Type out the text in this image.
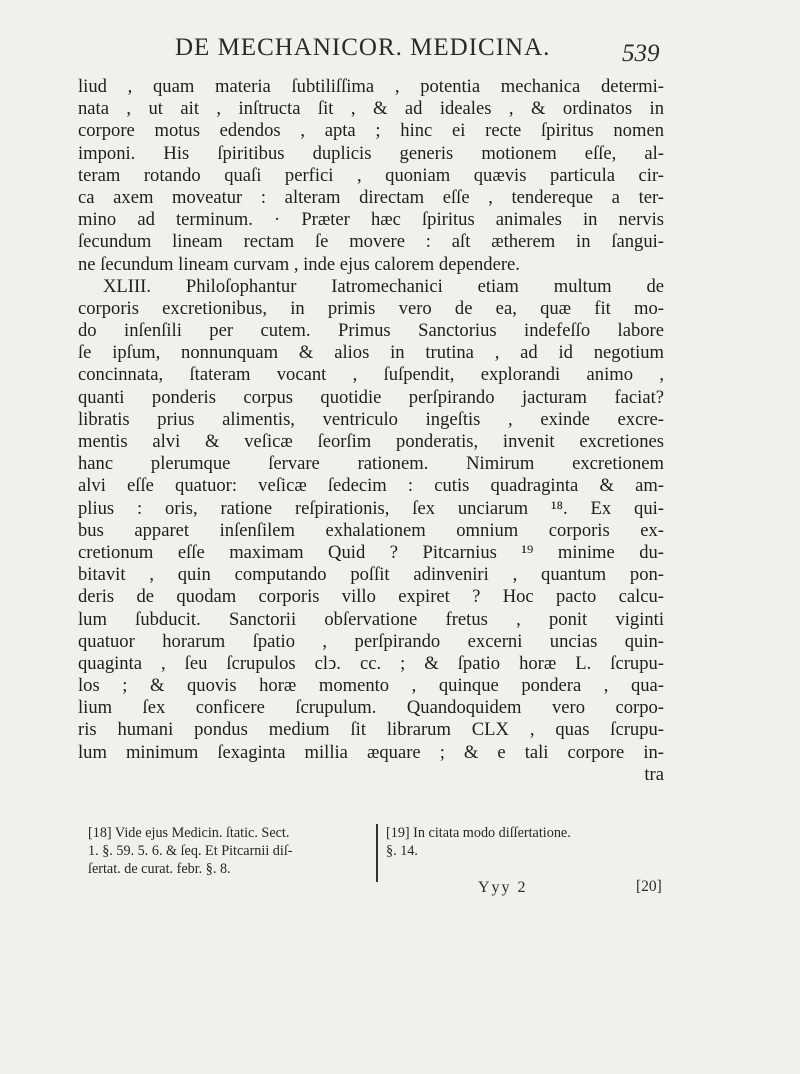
DE MECHANICOR. MEDICINA.	539
liud , quam materia ſubtiliſſima , potentia mechanica determi-
nata , ut ait , inſtructa ſit , & ad ideales , & ordinatos in
corpore motus edendos , apta ; hinc ei recte ſpiritus nomen
imponi. His ſpiritibus duplicis generis motionem eſſe, al-
teram rotando quaſi perfici , quoniam quævis particula cir-
ca axem moveatur : alteram directam eſſe , tendereque a ter-
mino ad terminum. · Præter hæc ſpiritus animales in nervis
ſecundum lineam rectam ſe movere : aſt ætherem in ſangui-
ne ſecundum lineam curvam , inde ejus calorem dependere.
XLIII. Philoſophantur Iatromechanici etiam multum de
corporis excretionibus, in primis vero de ea, quæ fit mo-
do inſenſili per cutem. Primus Sanctorius indefeſſo labore
ſe ipſum, nonnunquam & alios in trutina , ad id negotium
concinnata, ſtateram vocant , ſuſpendit, explorandi animo ,
quanti ponderis corpus quotidie perſpirando jacturam faciat?
libratis prius alimentis, ventriculo ingeſtis , exinde excre-
mentis alvi & veſicæ ſeorſim ponderatis, invenit excretiones
hanc plerumque ſervare rationem. Nimirum excretionem
alvi eſſe quatuor: veſicæ ſedecim : cutis quadraginta & am-
plius : oris, ratione reſpirationis, ſex unciarum ¹⁸. Ex qui-
bus apparet inſenſilem exhalationem omnium corporis ex-
cretionum eſſe maximam Quid ? Pitcarnius ¹⁹ minime du-
bitavit , quin computando poſſit adinveniri , quantum pon-
deris de quodam corporis villo expiret ? Hoc pacto calcu-
lum ſubducit. Sanctorii obſervatione fretus , ponit viginti
quatuor horarum ſpatio , perſpirando excerni uncias quin-
quaginta , ſeu ſcrupulos clↄ. cc. ; & ſpatio horæ L. ſcrupu-
los ; & quovis horæ momento , quinque pondera , qua-
lium ſex conficere ſcrupulum. Quandoquidem vero corpo-
ris humani pondus medium ſit librarum CLX , quas ſcrupu-
lum minimum ſexaginta millia æquare ; & e tali corpore in-
tra
[18] Vide ejus Medicin. ſtatic. Sect.
1. §. 59. 5. 6. & ſeq. Et Pitcarnii diſ-
ſertat. de curat. febr. §. 8.
[19] In citata modo diſſertatione.
§. 14.
Yyy 2	[20]
